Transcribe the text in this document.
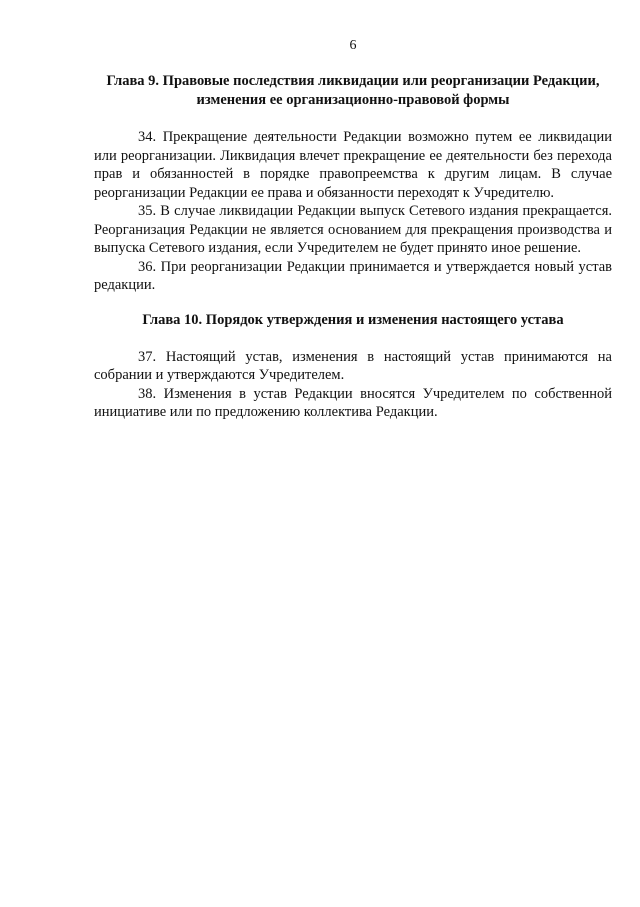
6
Глава 9. Правовые последствия ликвидации или реорганизации Редакции,
изменения ее организационно-правовой формы

34. Прекращение деятельности Редакции возможно путем ее ликвидации или реорганизации. Ликвидация влечет прекращение ее деятельности без перехода прав и обязанностей в порядке правопреемства к другим лицам. В случае реорганизации Редакции ее права и обязанности переходят к Учредителю.

35. В случае ликвидации Редакции выпуск Сетевого издания прекращается. Реорганизация Редакции не является основанием для прекращения производства и выпуска Сетевого издания, если Учредителем не будет принято иное решение.

36. При реорганизации Редакции принимается и утверждается новый устав редакции.

Глава 10. Порядок утверждения и изменения настоящего устава

37. Настоящий устав, изменения в настоящий устав принимаются на собрании и утверждаются Учредителем.

38. Изменения в устав Редакции вносятся Учредителем по собственной инициативе или по предложению коллектива Редакции.
